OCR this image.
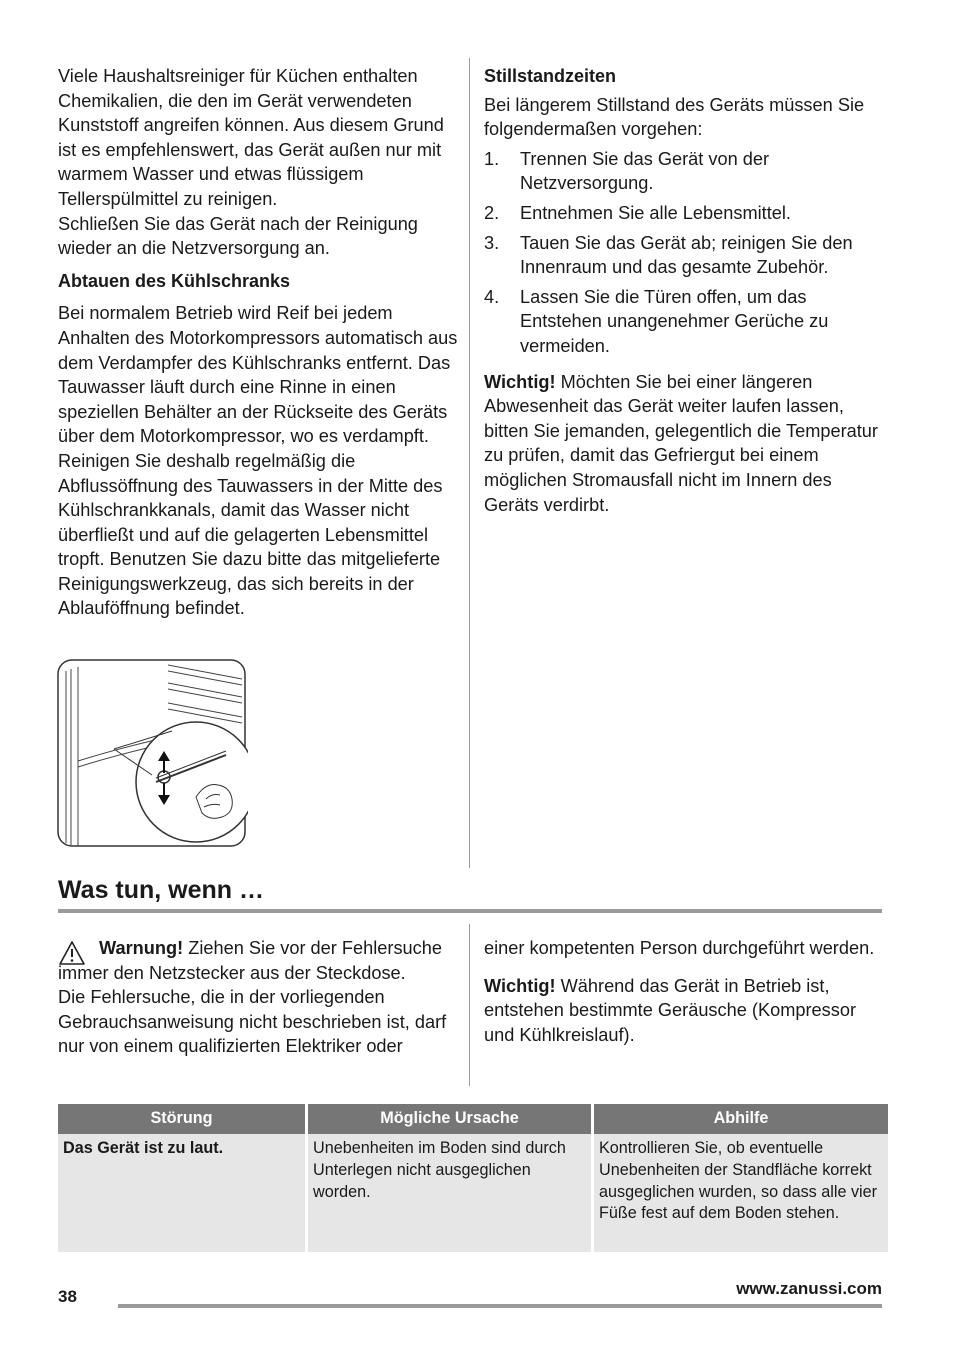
Viele Haushaltsreiniger für Küchen enthalten Chemikalien, die den im Gerät verwendeten Kunststoff angreifen können. Aus diesem Grund ist es empfehlenswert, das Gerät außen nur mit warmem Wasser und etwas flüssigem Tellerspülmittel zu reinigen.

Schließen Sie das Gerät nach der Reinigung wieder an die Netzversorgung an.

Abtauen des Kühlschranks

Bei normalem Betrieb wird Reif bei jedem Anhalten des Motorkompressors automatisch aus dem Verdampfer des Kühlschranks entfernt. Das Tauwasser läuft durch eine Rinne in einen speziellen Behälter an der Rückseite des Geräts über dem Motorkompressor, wo es verdampft.

Reinigen Sie deshalb regelmäßig die Abflussöffnung des Tauwassers in der Mitte des Kühlschrankkanals, damit das Wasser nicht überfließt und auf die gelagerten Lebensmittel tropft. Benutzen Sie dazu bitte das mitgelieferte Reinigungswerkzeug, das sich bereits in der Ablauföffnung befindet.

Stillstandzeiten

Bei längerem Stillstand des Geräts müssen Sie folgendermaßen vorgehen:

1. Trennen Sie das Gerät von der Netzversorgung.
2. Entnehmen Sie alle Lebensmittel.
3. Tauen Sie das Gerät ab; reinigen Sie den Innenraum und das gesamte Zubehör.
4. Lassen Sie die Türen offen, um das Entstehen unangenehmer Gerüche zu vermeiden.

Wichtig! Möchten Sie bei einer längeren Abwesenheit das Gerät weiter laufen lassen, bitten Sie jemanden, gelegentlich die Temperatur zu prüfen, damit das Gefriergut bei einem möglichen Stromausfall nicht im Innern des Geräts verdirbt.

Was tun, wenn …

Warnung! Ziehen Sie vor der Fehlersuche immer den Netzstecker aus der Steckdose.

Die Fehlersuche, die in der vorliegenden Gebrauchsanweisung nicht beschrieben ist, darf nur von einem qualifizierten Elektriker oder

einer kompetenten Person durchgeführt werden.

Wichtig! Während das Gerät in Betrieb ist, entstehen bestimmte Geräusche (Kompressor und Kühlkreislauf).

Störung	Mögliche Ursache	Abhilfe
Das Gerät ist zu laut.	Unebenheiten im Boden sind durch Unterlegen nicht ausgeglichen worden.	Kontrollieren Sie, ob eventuelle Unebenheiten der Standfläche korrekt ausgeglichen wurden, so dass alle vier Füße fest auf dem Boden stehen.
www.zanussi.com
38
